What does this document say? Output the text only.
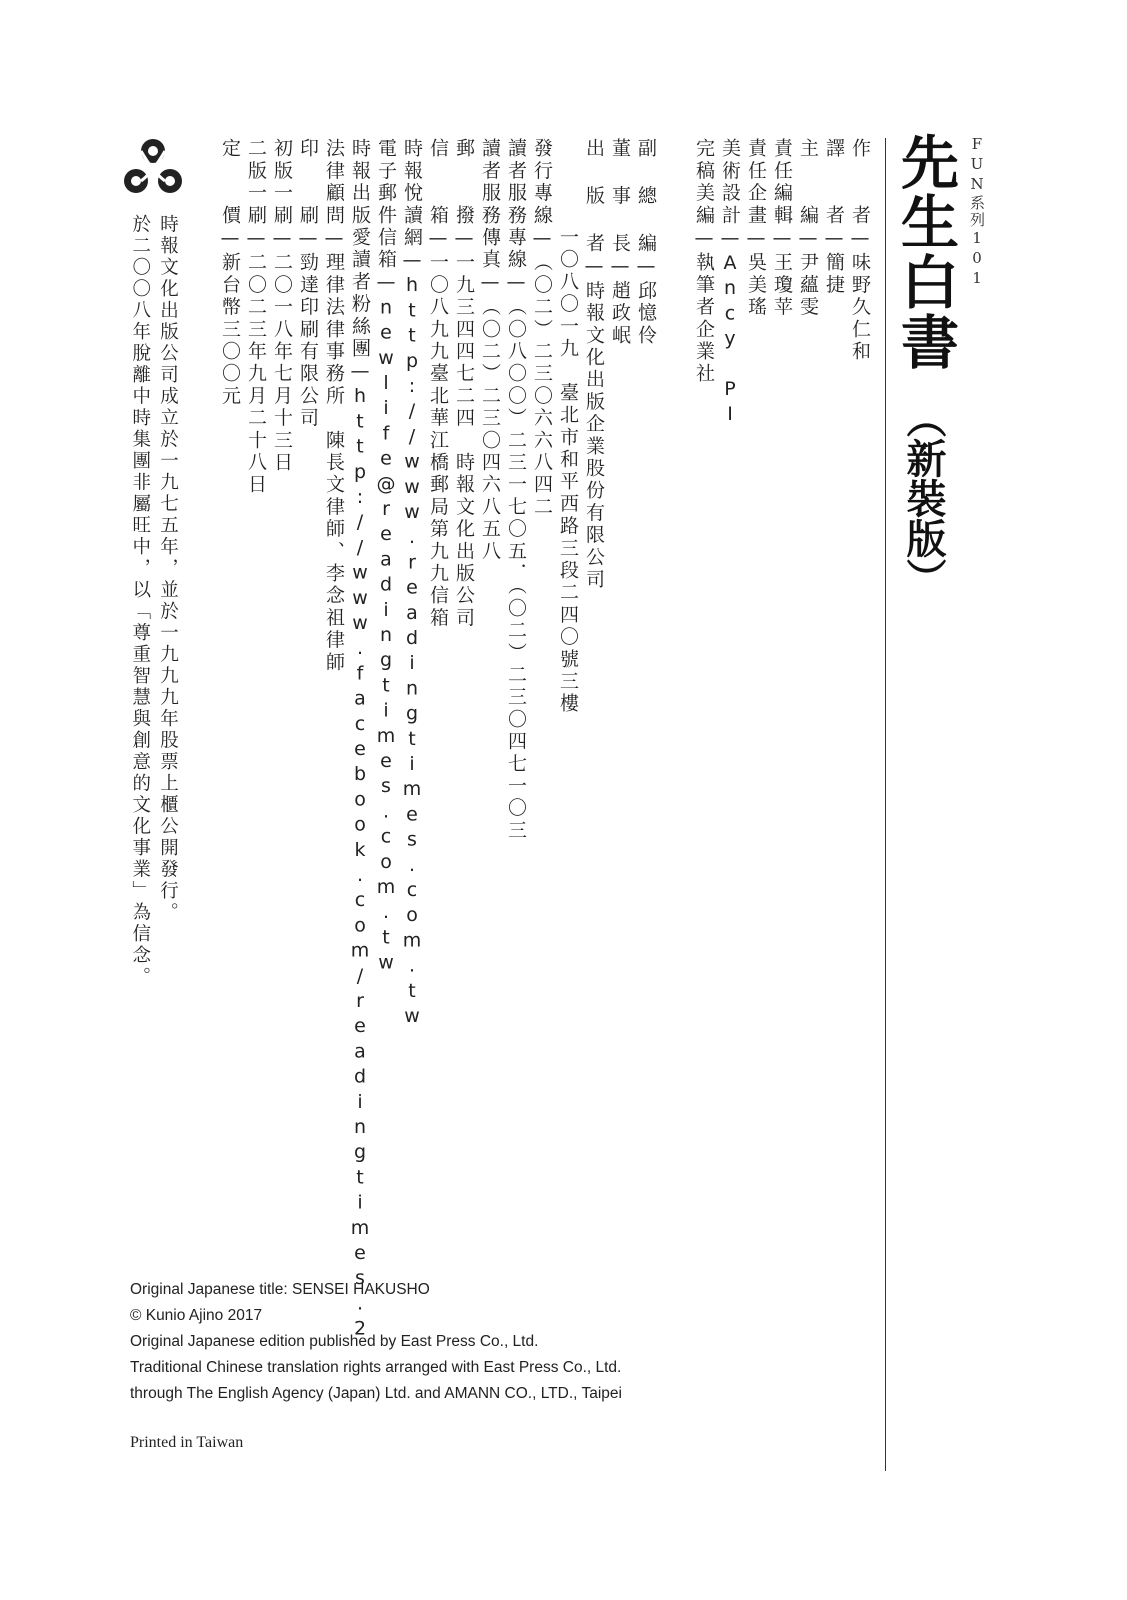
FUN系列101
先生白書
（新裝版）
作　　者—味野久仁和
譯　　者—簡捷
主　　編—尹蘊雯
責任編輯—王瓊苹
責任企畫—吳美瑤
美術設計—Ancy PI
完稿美編—執筆者企業社
副 總 編—邱憶伶
董 事 長—趙政岷
出 版 者—時報文化出版企業股份有限公司
　　　　一〇八〇一九　臺北市和平西路三段二四〇號三樓
發行專線—（〇二）二三〇六六八四二
讀者服務專線—（〇八〇〇）二三一七〇五．（〇二）二三〇四七一〇三
讀者服務傳真—（〇二）二三〇四六八五八
郵　　撥—一九三四四七二四　時報文化出版公司
信　　箱—一〇八九九臺北華江橋郵局第九九信箱
時報悅讀網—http://www.readingtimes.com.tw
電子郵件信箱—newlife@readingtimes.com.tw
時報出版愛讀者粉絲團—http://www.facebook.com/readingtimes.2
法律顧問—理律法律事務所　陳長文律師、李念祖律師
印　　刷—勁達印刷有限公司
初版一刷—二〇一八年七月十三日
二版一刷—二〇二三年九月二十八日
定　　價—新台幣三〇〇元
時報文化出版公司成立於一九七五年，並於一九九九年股票上櫃公開發行。
於二〇〇八年脫離中時集團非屬旺中，以「尊重智慧與創意的文化事業」為信念。
Original Japanese title: SENSEI HAKUSHO
© Kunio Ajino 2017
Original Japanese edition published by East Press Co., Ltd.
Traditional Chinese translation rights arranged with East Press Co., Ltd.
through The English Agency (Japan) Ltd. and AMANN CO., LTD., Taipei
Printed in Taiwan
